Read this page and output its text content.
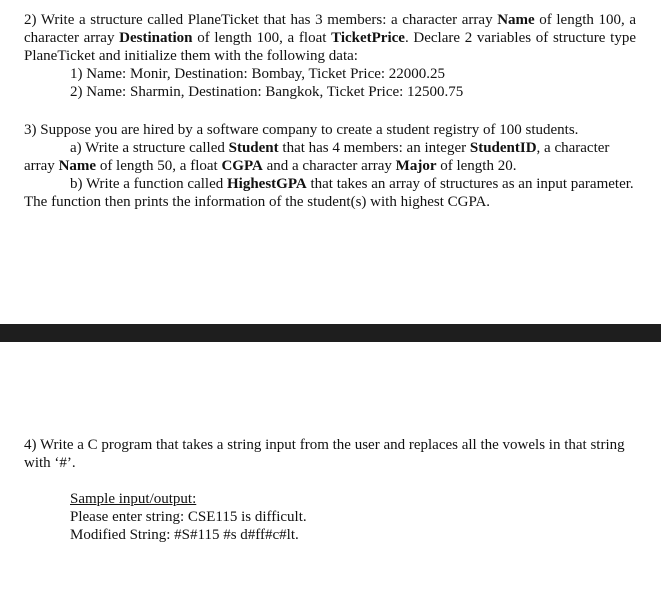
2) Write a structure called PlaneTicket that has 3 members: a character array Name of length 100, a character array Destination of length 100, a float TicketPrice. Declare 2 variables of structure type PlaneTicket and initialize them with the following data:
1) Name: Monir, Destination: Bombay, Ticket Price: 22000.25
2) Name: Sharmin, Destination: Bangkok, Ticket Price: 12500.75
3) Suppose you are hired by a software company to create a student registry of 100 students.
a) Write a structure called Student that has 4 members: an integer StudentID, a character array Name of length 50, a float CGPA and a character array Major of length 20.
b) Write a function called HighestGPA that takes an array of structures as an input parameter. The function then prints the information of the student(s) with highest CGPA.
4) Write a C program that takes a string input from the user and replaces all the vowels in that string with ‘#’.
Sample input/output:
Please enter string: CSE115 is difficult.
Modified String: #S#115 #s d#ff#c#lt.
